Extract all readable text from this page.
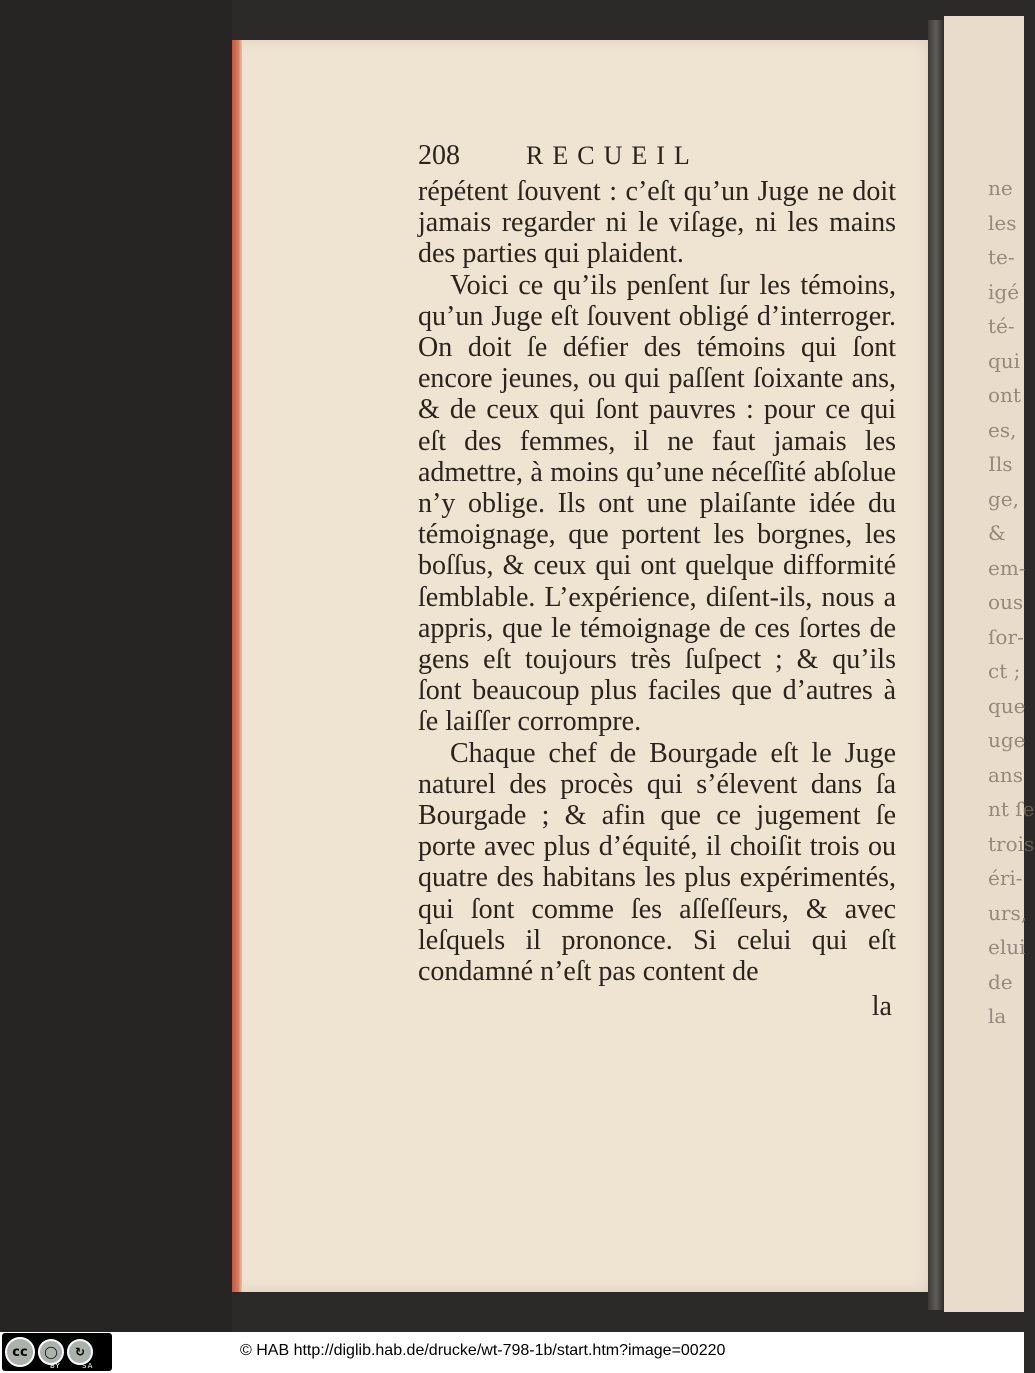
ne
les
te-
igé
té-
qui
ont
es,
Ils
ge,
&
em-
ous
ſor-
ct ;
que
uge
ans
nt ſe
trois
éri-
urs,
elui
de
la
208	RECUEIL

répétent ſouvent : c’eſt qu’un Juge ne doit jamais regarder ni le viſage, ni les mains des parties qui plaident.

Voici ce qu’ils penſent ſur les témoins, qu’un Juge eſt ſouvent obligé d’interroger. On doit ſe défier des témoins qui ſont encore jeunes, ou qui paſſent ſoixante ans, & de ceux qui ſont pauvres : pour ce qui eſt des femmes, il ne faut jamais les admettre, à moins qu’une néceſſité abſolue n’y oblige. Ils ont une plaiſante idée du témoignage, que portent les borgnes, les boſſus, & ceux qui ont quelque difformité ſemblable. L’expérience, diſent-ils, nous a appris, que le témoignage de ces ſortes de gens eſt toujours très ſuſpect ; & qu’ils ſont beaucoup plus faciles que d’autres à ſe laiſſer corrompre.

Chaque chef de Bourgade eſt le Juge naturel des procès qui s’élevent dans ſa Bourgade ; & afin que ce jugement ſe porte avec plus d’équité, il choiſit trois ou quatre des habitans les plus expérimentés, qui ſont comme ſes aſſeſſeurs, & avec leſquels il prononce. Si celui qui eſt condamné n’eſt pas content de

la
cc	◯	↻
BY	SA
© HAB http://diglib.hab.de/drucke/wt-798-1b/start.htm?image=00220
